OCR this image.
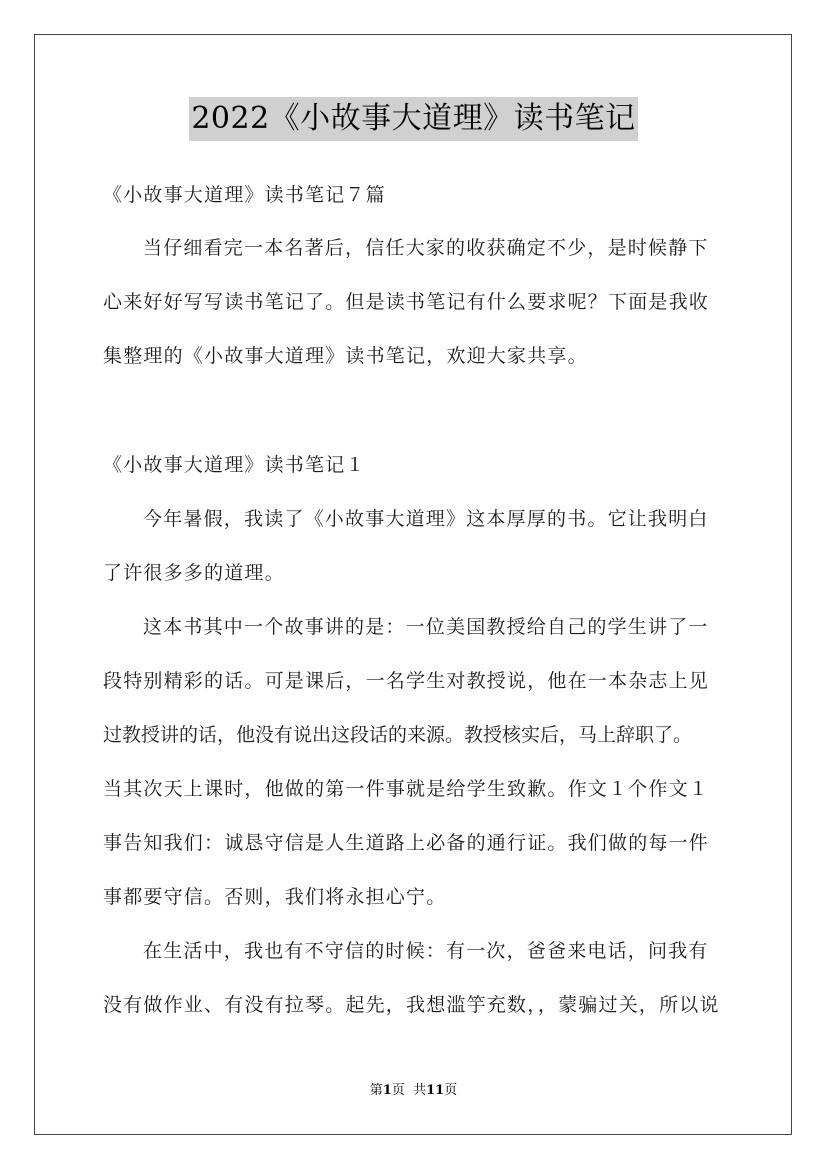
2022《小故事大道理》读书笔记
《小故事大道理》读书笔记７篇
当仔细看完一本名著后，信任大家的收获确定不少，是时候静下
心来好好写写读书笔记了。但是读书笔记有什么要求呢？下面是我收
集整理的《小故事大道理》读书笔记，欢迎大家共享。
《小故事大道理》读书笔记１
今年暑假，我读了《小故事大道理》这本厚厚的书。它让我明白
了许很多多的道理。
这本书其中一个故事讲的是：一位美国教授给自己的学生讲了一
段特别精彩的话。可是课后，一名学生对教授说，他在一本杂志上见
过教授讲的话，他没有说出这段话的来源。教授核实后，马上辞职了。
当其次天上课时，他做的第一件事就是给学生致歉。作文１个作文１
事告知我们：诚恳守信是人生道路上必备的通行证。我们做的每一件
事都要守信。否则，我们将永担心宁。
在生活中，我也有不守信的时候：有一次，爸爸来电话，问我有
没有做作业、有没有拉琴。起先，我想滥竽充数，，蒙骗过关，所以说
第1页 共11页
